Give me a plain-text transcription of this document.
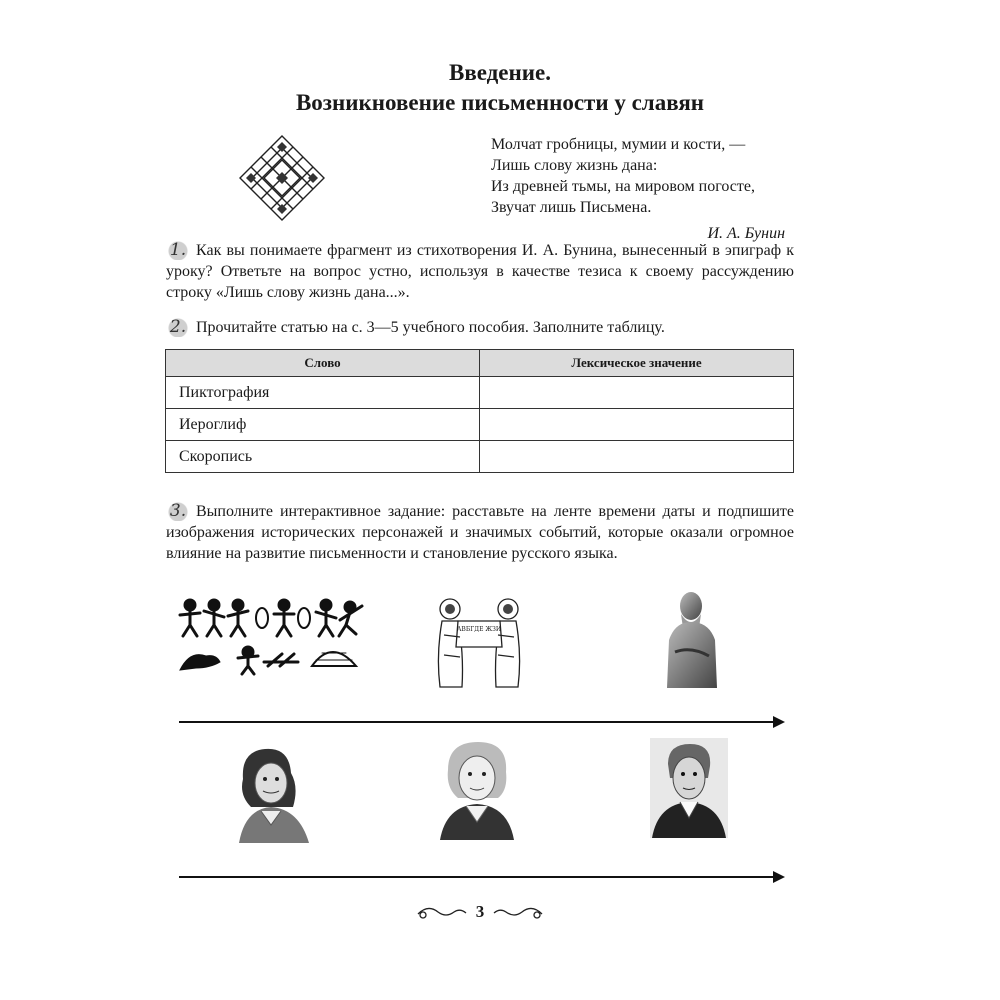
Введение.
Возникновение письменности у славян
Молчат гробницы, мумии и кости, —
Лишь слову жизнь дана:
Из древней тьмы, на мировом погосте,
Звучат лишь Письмена.
И. А. Бунин
1. Как вы понимаете фрагмент из стихотворения И. А. Бунина, вынесенный в эпиграф к уроку? Ответьте на вопрос устно, используя в качестве тезиса к своему рассуждению строку «Лишь слову жизнь дана...».
2. Прочитайте статью на с. 3—5 учебного пособия. Заполните таблицу.
Слово	Лексическое значение
Пиктография	
Иероглиф	
Скоропись	
3. Выполните интерактивное задание: расставьте на ленте времени даты и подпишите изображения исторических персонажей и значимых событий, которые оказали огромное влияние на развитие письменности и становление русского языка.
АВБГДЕ ЖЗИ
3
